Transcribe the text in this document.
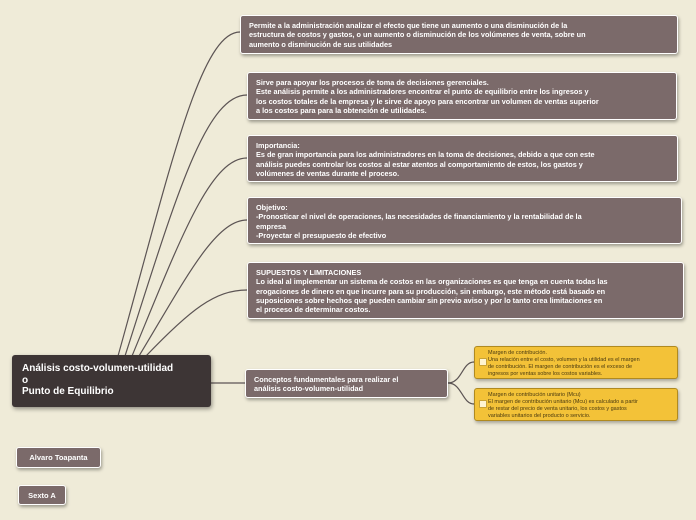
Permite a la administración analizar el efecto que tiene un aumento o una disminución de la
estructura de costos y gastos, o un aumento o disminución de los volúmenes de venta, sobre un
aumento o disminución de sus utilidades

Sirve para apoyar los procesos de toma de decisiones gerenciales.
Este análisis permite a los administradores encontrar el punto de equilibrio entre los ingresos y
los costos totales de la empresa y le sirve de apoyo para encontrar un volumen de ventas superior
a los costos para para la obtención de utilidades.

Importancia:
Es de gran importancia para los administradores en la toma de decisiones, debido a que con este
análisis puedes controlar los costos al estar atentos al comportamiento de estos, los gastos y
volúmenes de ventas durante el proceso.

Objetivo:
-Pronosticar el nivel de operaciones, las necesidades de financiamiento y la rentabilidad de la
empresa
-Proyectar el presupuesto de efectivo

SUPUESTOS Y LIMITACIONES
Lo ideal al implementar un sistema de costos en las organizaciones es que tenga en cuenta todas las
erogaciones de dinero en que incurre para su producción, sin embargo, este método está basado en
suposiciones sobre hechos que pueden cambiar sin previo aviso y por lo tanto crea limitaciones en
el proceso de determinar costos.

Conceptos fundamentales para realizar el
análisis costo-volumen-utilidad

Análisis costo-volumen-utilidad
o
Punto de Equilibrio

Margen de contribución.
Una relación entre el costo, volumen y la utilidad es el margen
de contribución. El margen de contribución es el exceso de
ingresos por ventas sobre los costos variables.

Margen de contribución unitario (Mcu)
El margen de contribución unitario (Mcu) es calculado a partir
de restar del precio de venta unitario, los costos y gastos
variables unitarios del producto o servicio.

Alvaro Toapanta
Sexto A
